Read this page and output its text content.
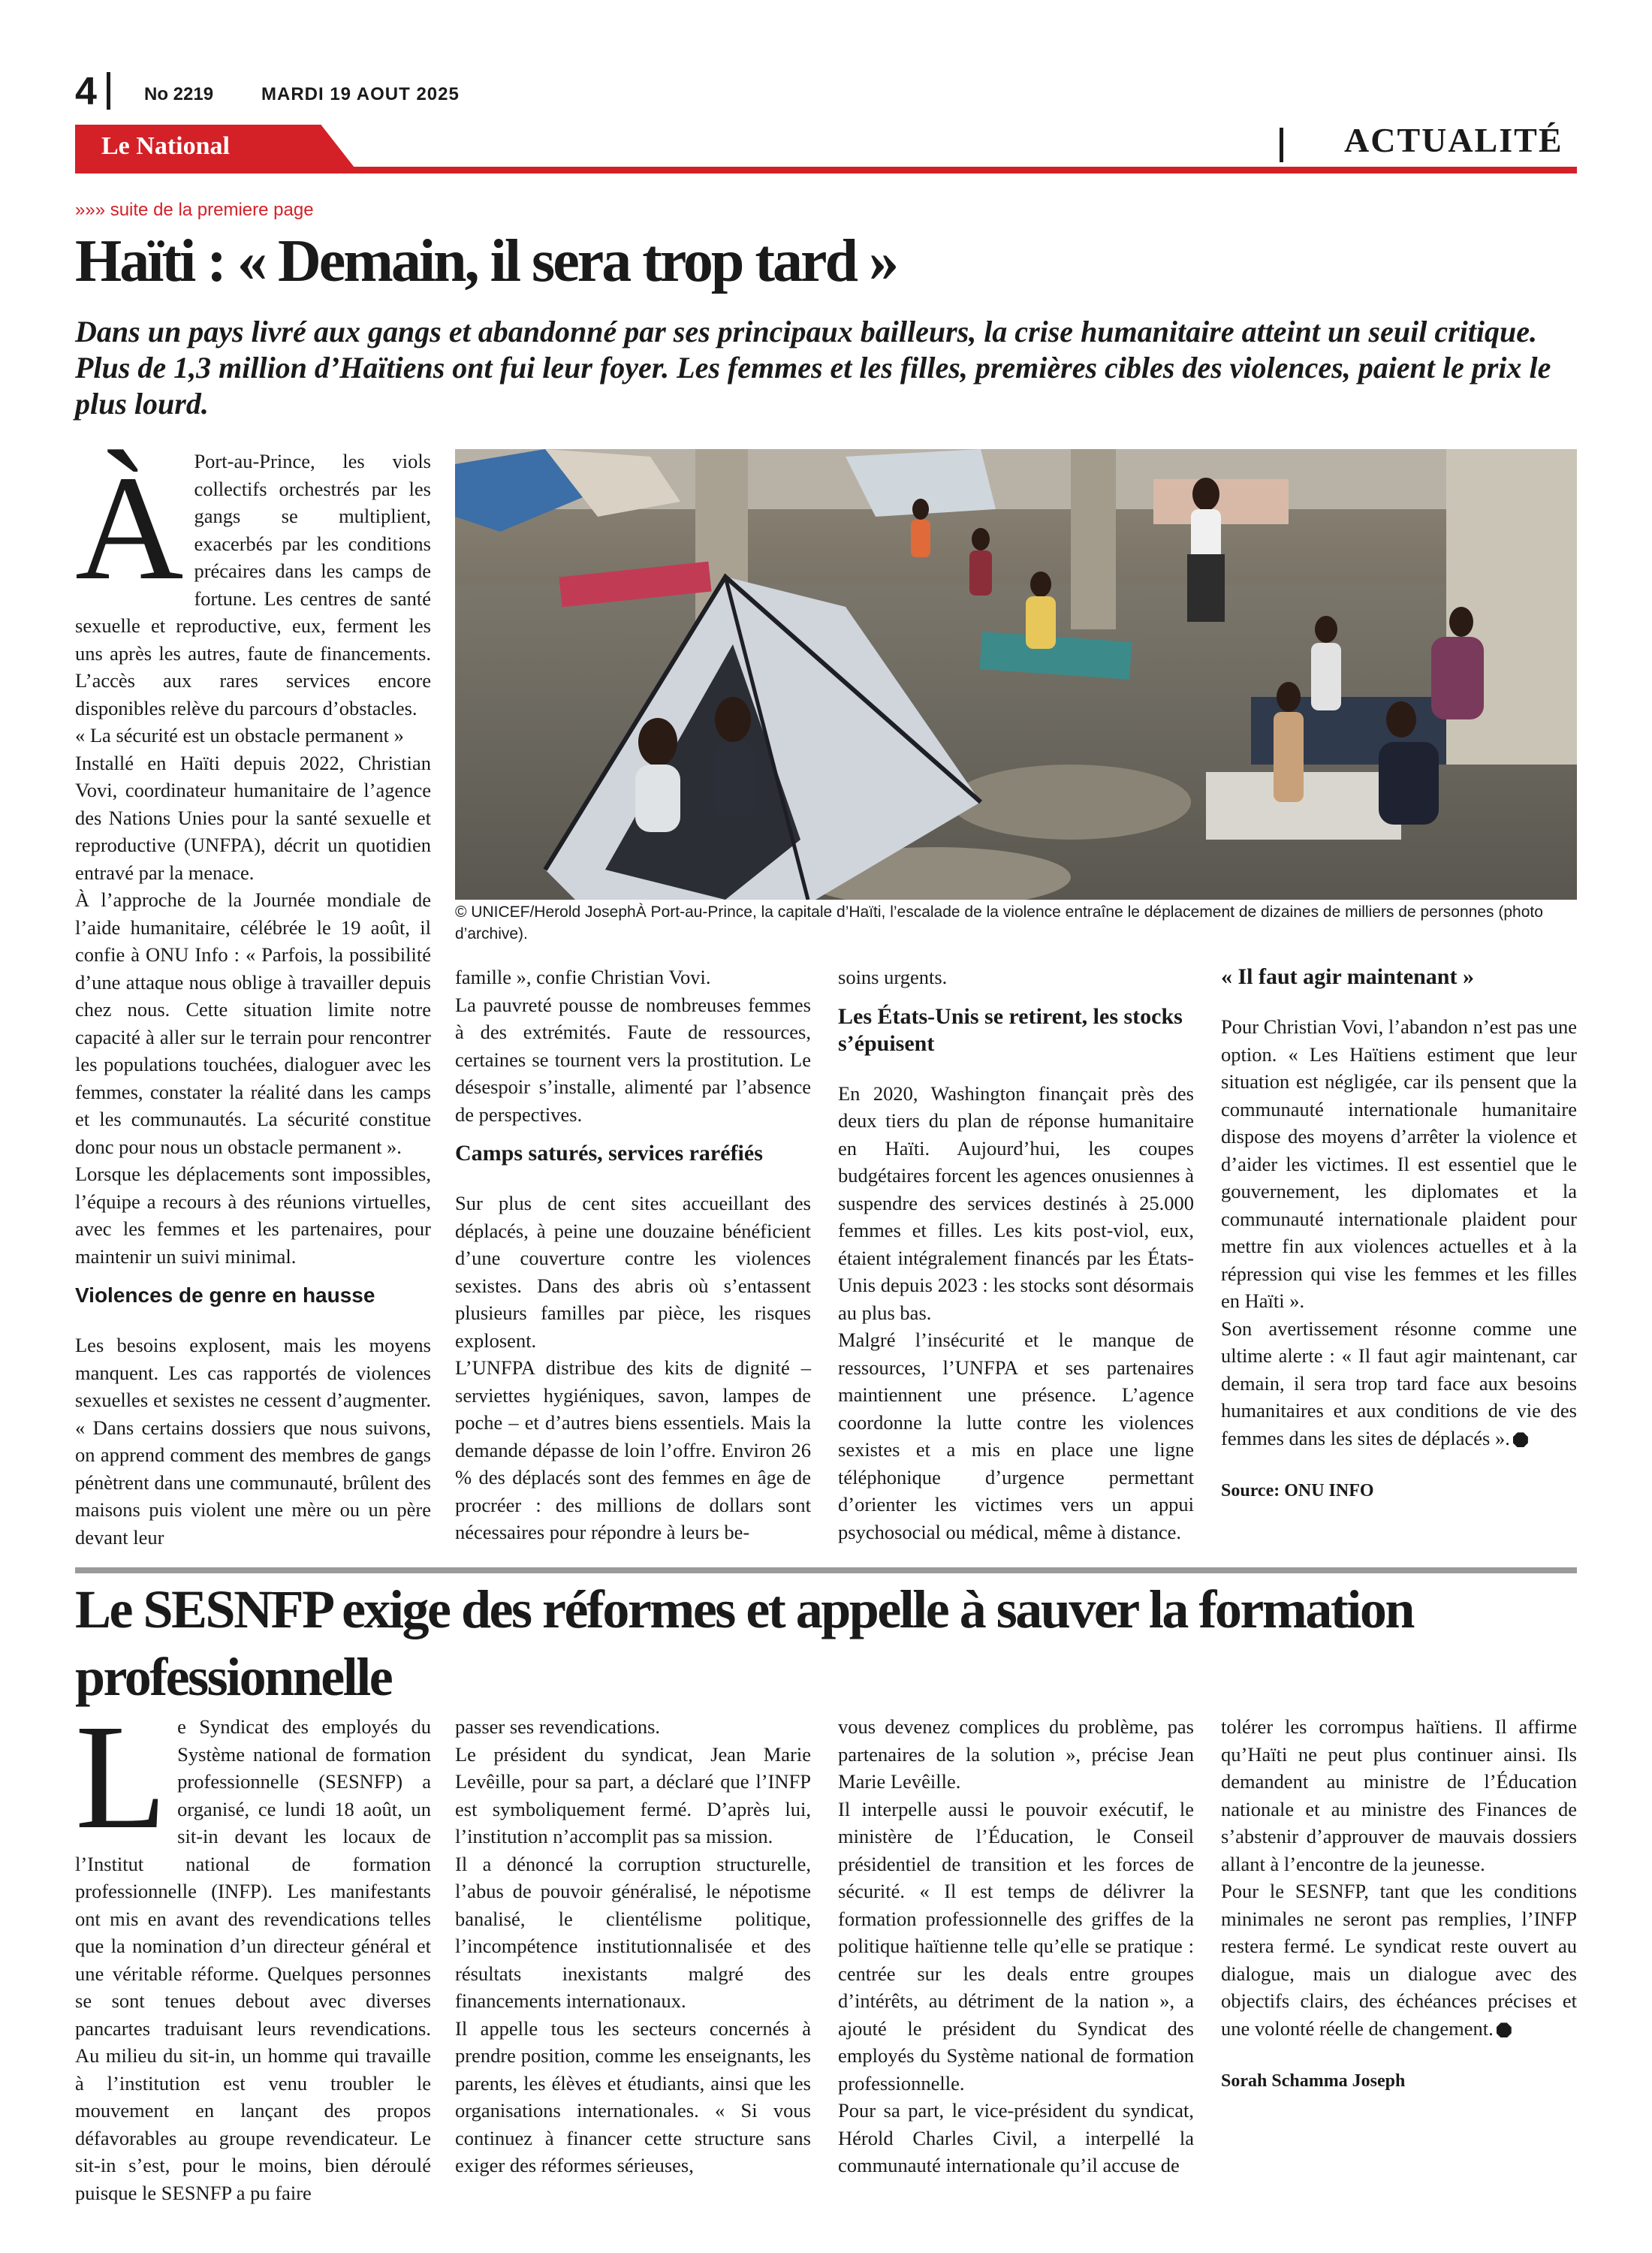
4	No 2219	MARDI 19 AOUT 2025
Le National	ACTUALITÉ
»»» suite de la premiere page
Haïti : « Demain, il sera trop tard »
Dans un pays livré aux gangs et abandonné par ses principaux bailleurs, la crise humanitaire atteint un seuil critique. Plus de 1,3 million d’Haïtiens ont fui leur foyer. Les femmes et les filles, premières cibles des violences, paient le prix le plus lourd.
À Port-au-Prince, les viols collectifs orchestrés par les gangs se multiplient, exacerbés par les conditions précaires dans les camps de fortune. Les centres de santé sexuelle et reproductive, eux, ferment les uns après les autres, faute de financements. L’accès aux rares services encore disponibles relève du parcours d’obstacles.

« La sécurité est un obstacle permanent »

Installé en Haïti depuis 2022, Christian Vovi, coordinateur humanitaire de l’agence des Nations Unies pour la santé sexuelle et reproductive (UNFPA), décrit un quotidien entravé par la menace.

À l’approche de la Journée mondiale de l’aide humanitaire, célébrée le 19 août, il confie à ONU Info : « Parfois, la possibilité d’une attaque nous oblige à travailler depuis chez nous. Cette situation limite notre capacité à aller sur le terrain pour rencontrer les populations touchées, dialoguer avec les femmes, constater la réalité dans les camps et les communautés. La sécurité constitue donc pour nous un obstacle permanent ».

Lorsque les déplacements sont impossibles, l’équipe a recours à des réunions virtuelles, avec les femmes et les partenaires, pour maintenir un suivi minimal.

Violences de genre en hausse

Les besoins explosent, mais les moyens manquent. Les cas rapportés de violences sexuelles et sexistes ne cessent d’augmenter. « Dans certains dossiers que nous suivons, on apprend comment des membres de gangs pénètrent dans une communauté, brûlent des maisons puis violent une mère ou un père devant leur

© UNICEF/Herold JosephÀ Port-au-Prince, la capitale d’Haïti, l’escalade de la violence entraîne le déplacement de dizaines de milliers de personnes (photo d’archive).

famille », confie Christian Vovi.

La pauvreté pousse de nombreuses femmes à des extrémités. Faute de ressources, certaines se tournent vers la prostitution. Le désespoir s’installe, alimenté par l’absence de perspectives.

Camps saturés, services raréfiés

Sur plus de cent sites accueillant des déplacés, à peine une douzaine bénéficient d’une couverture contre les violences sexistes. Dans des abris où s’entassent plusieurs familles par pièce, les risques explosent.

L’UNFPA distribue des kits de dignité – serviettes hygiéniques, savon, lampes de poche – et d’autres biens essentiels. Mais la demande dépasse de loin l’offre. Environ 26 % des déplacés sont des femmes en âge de procréer : des millions de dollars sont nécessaires pour répondre à leurs be-

soins urgents.

Les États-Unis se retirent, les stocks s’épuisent

En 2020, Washington finançait près des deux tiers du plan de réponse humanitaire en Haïti. Aujourd’hui, les coupes budgétaires forcent les agences onusiennes à suspendre des services destinés à 25.000 femmes et filles. Les kits post-viol, eux, étaient intégralement financés par les États-Unis depuis 2023 : les stocks sont désormais au plus bas.

Malgré l’insécurité et le manque de ressources, l’UNFPA et ses partenaires maintiennent une présence. L’agence coordonne la lutte contre les violences sexistes et a mis en place une ligne téléphonique d’urgence permettant d’orienter les victimes vers un appui psychosocial ou médical, même à distance.

« Il faut agir maintenant »

Pour Christian Vovi, l’abandon n’est pas une option. « Les Haïtiens estiment que leur situation est négligée, car ils pensent que la communauté internationale humanitaire dispose des moyens d’arrêter la violence et d’aider les victimes. Il est essentiel que le gouvernement, les diplomates et la communauté internationale plaident pour mettre fin aux violences actuelles et à la répression qui vise les femmes et les filles en Haïti ».

Son avertissement résonne comme une ultime alerte : « Il faut agir maintenant, car demain, il sera trop tard face aux besoins humanitaires et aux conditions de vie des femmes dans les sites de déplacés ».

Source: ONU INFO

Le SESNFP exige des réformes et appelle à sauver la formation professionnelle
L e Syndicat des employés du Système national de formation professionnelle (SESNFP) a organisé, ce lundi 18 août, un sit-in devant les locaux de l’Institut national de formation professionnelle (INFP). Les manifestants ont mis en avant des revendications telles que la nomination d’un directeur général et une véritable réforme. Quelques personnes se sont tenues debout avec diverses pancartes traduisant leurs revendications. Au milieu du sit-in, un homme qui travaille à l’institution est venu troubler le mouvement en lançant des propos défavorables au groupe revendicateur. Le sit-in s’est, pour le moins, bien déroulé puisque le SESNFP a pu faire

passer ses revendications.

Le président du syndicat, Jean Marie Levêille, pour sa part, a déclaré que l’INFP est symboliquement fermé. D’après lui, l’institution n’accomplit pas sa mission.

Il a dénoncé la corruption structurelle, l’abus de pouvoir généralisé, le népotisme banalisé, le clientélisme politique, l’incompétence institutionnalisée et des résultats inexistants malgré des financements internationaux.

Il appelle tous les secteurs concernés à prendre position, comme les enseignants, les parents, les élèves et étudiants, ainsi que les organisations internationales. « Si vous continuez à financer cette structure sans exiger des réformes sérieuses,

vous devenez complices du problème, pas partenaires de la solution », précise Jean Marie Levêille.

Il interpelle aussi le pouvoir exécutif, le ministère de l’Éducation, le Conseil présidentiel de transition et les forces de sécurité. « Il est temps de délivrer la formation professionnelle des griffes de la politique haïtienne telle qu’elle se pratique : centrée sur les deals entre groupes d’intérêts, au détriment de la nation », a ajouté le président du Syndicat des employés du Système national de formation professionnelle.

Pour sa part, le vice-président du syndicat, Hérold Charles Civil, a interpellé la communauté internationale qu’il accuse de

tolérer les corrompus haïtiens. Il affirme qu’Haïti ne peut plus continuer ainsi. Ils demandent au ministre de l’Éducation nationale et au ministre des Finances de s’abstenir d’approuver de mauvais dossiers allant à l’encontre de la jeunesse.

Pour le SESNFP, tant que les conditions minimales ne seront pas remplies, l’INFP restera fermé. Le syndicat reste ouvert au dialogue, mais un dialogue avec des objectifs clairs, des échéances précises et une volonté réelle de changement.

Sorah Schamma Joseph
